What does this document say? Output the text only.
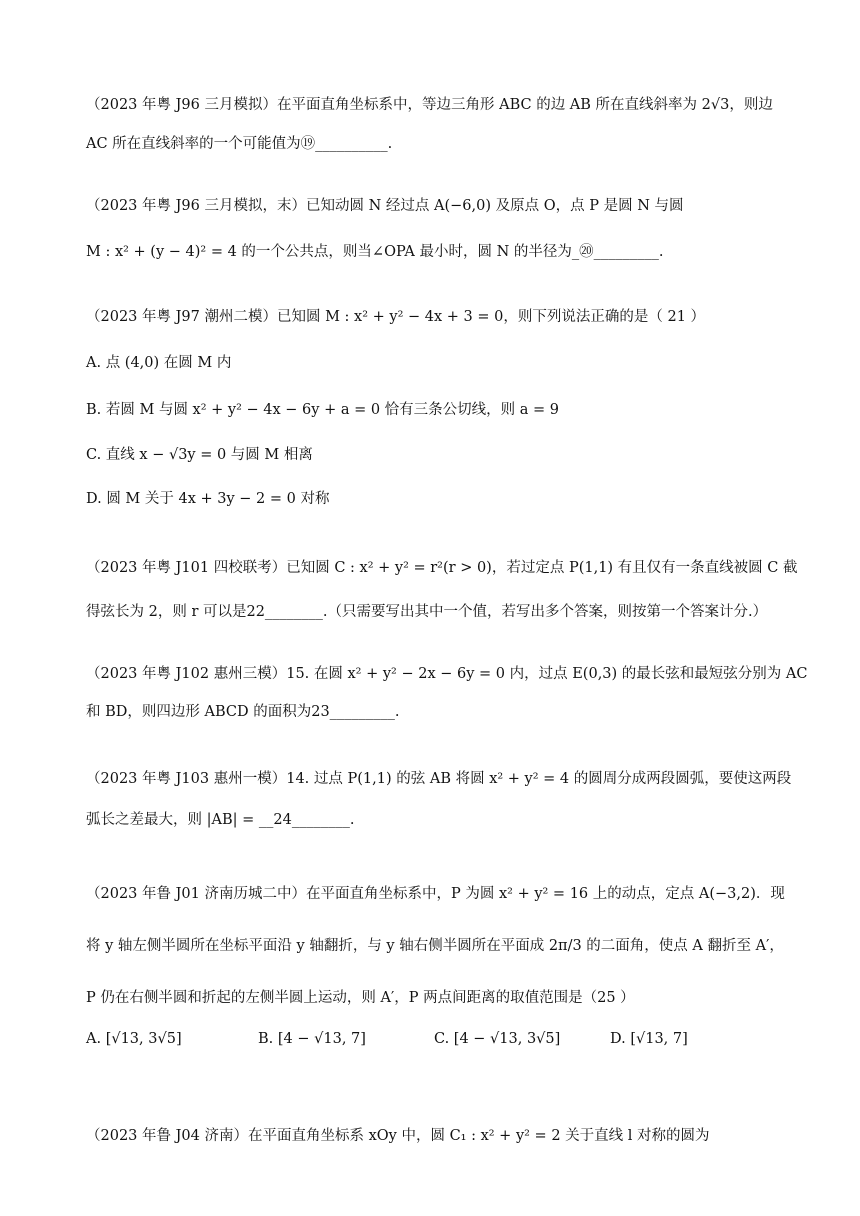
（2023 年粤 J96 三月模拟）在平面直角坐标系中，等边三角形 ABC 的边 AB 所在直线斜率为 2√3，则边
AC 所在直线斜率的一个可能值为⑲__________.
（2023 年粤 J96 三月模拟，末）已知动圆 N 经过点 A(−6,0) 及原点 O，点 P 是圆 N 与圆
M : x² + (y − 4)² = 4 的一个公共点，则当∠OPA 最小时，圆 N 的半径为_⑳_________.
（2023 年粤 J97 潮州二模）已知圆 M : x² + y² − 4x + 3 = 0，则下列说法正确的是（ 21 ）
A. 点 (4,0) 在圆 M 内
B. 若圆 M 与圆 x² + y² − 4x − 6y + a = 0 恰有三条公切线，则 a = 9
C. 直线 x − √3y = 0 与圆 M 相离
D. 圆 M 关于 4x + 3y − 2 = 0 对称
（2023 年粤 J101 四校联考）已知圆 C : x² + y² = r²(r > 0)，若过定点 P(1,1) 有且仅有一条直线被圆 C 截
得弦长为 2，则 r 可以是22________.（只需要写出其中一个值，若写出多个答案，则按第一个答案计分.）
（2023 年粤 J102 惠州三模）15. 在圆 x² + y² − 2x − 6y = 0 内，过点 E(0,3) 的最长弦和最短弦分别为 AC
和 BD，则四边形 ABCD 的面积为23_________.
（2023 年粤 J103 惠州一模）14. 过点 P(1,1) 的弦 AB 将圆 x² + y² = 4 的圆周分成两段圆弧，要使这两段
弧长之差最大，则 |AB| = __24________.
（2023 年鲁 J01 济南历城二中）在平面直角坐标系中，P 为圆 x² + y² = 16 上的动点，定点 A(−3,2)．现
将 y 轴左侧半圆所在坐标平面沿 y 轴翻折，与 y 轴右侧半圆所在平面成 2π/3 的二面角，使点 A 翻折至 A′，
P 仍在右侧半圆和折起的左侧半圆上运动，则 A′，P 两点间距离的取值范围是（25 ）
A. [√13, 3√5]	B. [4 − √13, 7]	C. [4 − √13, 3√5]	D. [√13, 7]
（2023 年鲁 J04 济南）在平面直角坐标系 xOy 中，圆 C₁ : x² + y² = 2 关于直线 l 对称的圆为
